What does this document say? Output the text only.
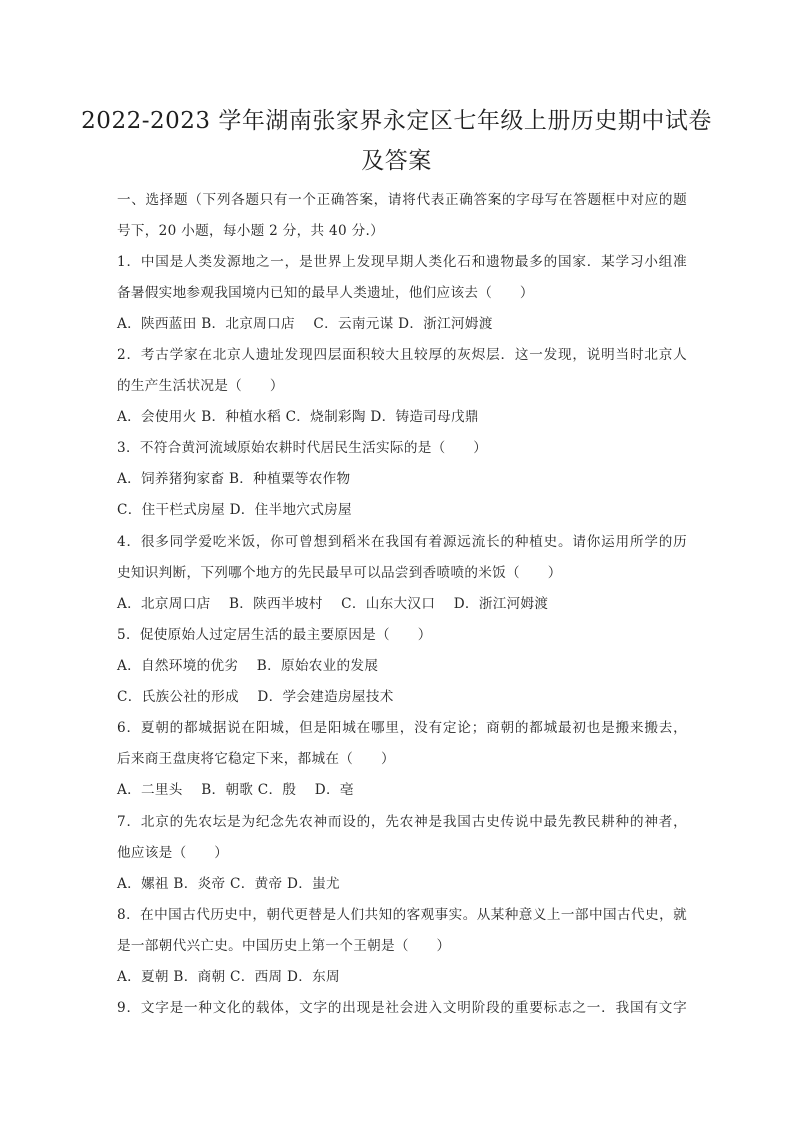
2022-2023 学年湖南张家界永定区七年级上册历史期中试卷
及答案
一、选择题（下列各题只有一个正确答案，请将代表正确答案的字母写在答题框中对应的题
号下，20 小题，每小题 2 分，共 40 分.）
1．中国是人类发源地之一，是世界上发现早期人类化石和遗物最多的国家．某学习小组准
备暑假实地参观我国境内已知的最早人类遗址，他们应该去（　　）
A．陕西蓝田 B．北京周口店　 C．云南元谋 D．浙江河姆渡
2．考古学家在北京人遗址发现四层面积较大且较厚的灰烬层．这一发现，说明当时北京人
的生产生活状况是（　　）
A．会使用火 B．种植水稻 C．烧制彩陶 D．铸造司母戊鼎
3．不符合黄河流域原始农耕时代居民生活实际的是（　　）
A．饲养猪狗家畜 B．种植粟等农作物
C．住干栏式房屋 D．住半地穴式房屋
4．很多同学爱吃米饭，你可曾想到稻米在我国有着源远流长的种植史。请你运用所学的历
史知识判断，下列哪个地方的先民最早可以品尝到香喷喷的米饭（　　）
A．北京周口店　 B．陕西半坡村　 C．山东大汉口　 D．浙江河姆渡
5．促使原始人过定居生活的最主要原因是（　　）
A．自然环境的优劣　 B．原始农业的发展
C．氏族公社的形成　 D．学会建造房屋技术
6．夏朝的都城据说在阳城，但是阳城在哪里，没有定论；商朝的都城最初也是搬来搬去，
后来商王盘庚将它稳定下来，都城在（　　）
A．二里头　 B．朝歌 C．殷　 D．亳
7．北京的先农坛是为纪念先农神而设的，先农神是我国古史传说中最先教民耕种的神者，
他应该是（　　）
A．嫘祖 B．炎帝 C．黄帝 D．蚩尤
8．在中国古代历史中，朝代更替是人们共知的客观事实。从某种意义上一部中国古代史，就
是一部朝代兴亡史。中国历史上第一个王朝是（　　）
A．夏朝 B．商朝 C．西周 D．东周
9．文字是一种文化的载体，文字的出现是社会进入文明阶段的重要标志之一．我国有文字
